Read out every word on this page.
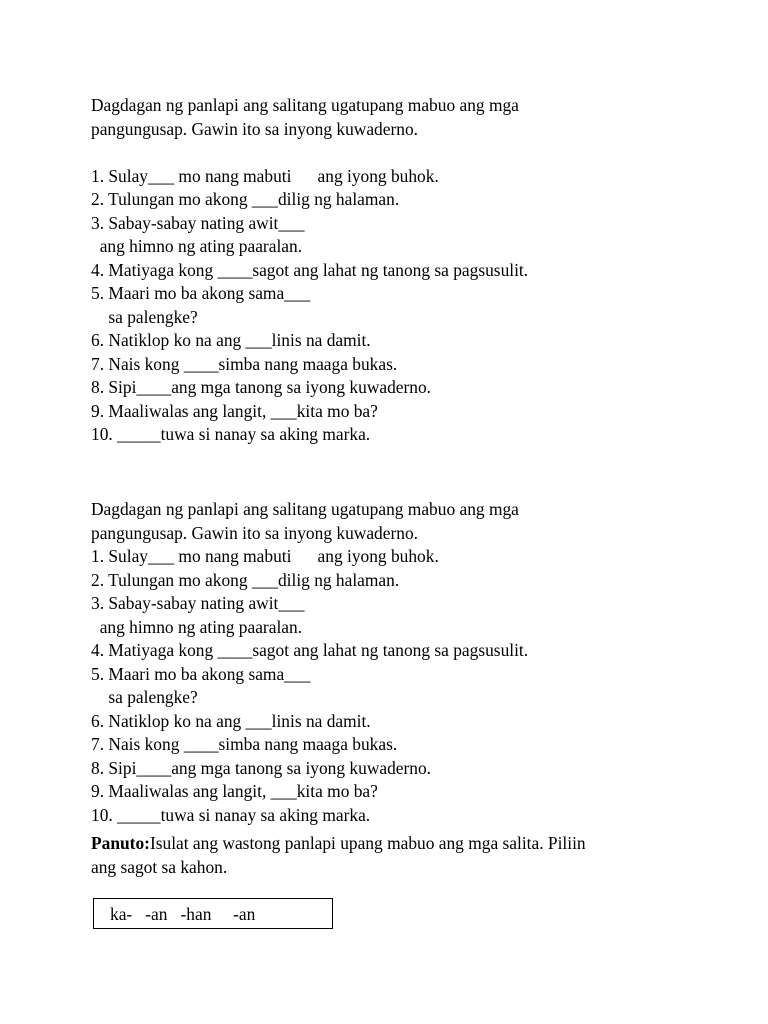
Dagdagan ng panlapi ang salitang ugatupang mabuo ang mga
pangungusap. Gawin ito sa inyong kuwaderno.
1. Sulay___ mo nang mabuti      ang iyong buhok.
2. Tulungan mo akong ___dilig ng halaman.
3. Sabay-sabay nating awit___
ang himno ng ating paaralan.
4. Matiyaga kong ____sagot ang lahat ng tanong sa pagsusulit.
5. Maari mo ba akong sama___
sa palengke?
6. Natiklop ko na ang ___linis na damit.
7. Nais kong ____simba nang maaga bukas.
8. Sipi____ang mga tanong sa iyong kuwaderno.
9. Maaliwalas ang langit, ___kita mo ba?
10. _____tuwa si nanay sa aking marka.
Dagdagan ng panlapi ang salitang ugatupang mabuo ang mga
pangungusap. Gawin ito sa inyong kuwaderno.
1. Sulay___ mo nang mabuti      ang iyong buhok.
2. Tulungan mo akong ___dilig ng halaman.
3. Sabay-sabay nating awit___
ang himno ng ating paaralan.
4. Matiyaga kong ____sagot ang lahat ng tanong sa pagsusulit.
5. Maari mo ba akong sama___
sa palengke?
6. Natiklop ko na ang ___linis na damit.
7. Nais kong ____simba nang maaga bukas.
8. Sipi____ang mga tanong sa iyong kuwaderno.
9. Maaliwalas ang langit, ___kita mo ba?
10. _____tuwa si nanay sa aking marka.
Panuto:Isulat ang wastong panlapi upang mabuo ang mga salita. Piliin
ang sagot sa kahon.
ka-   -an   -han     -an
